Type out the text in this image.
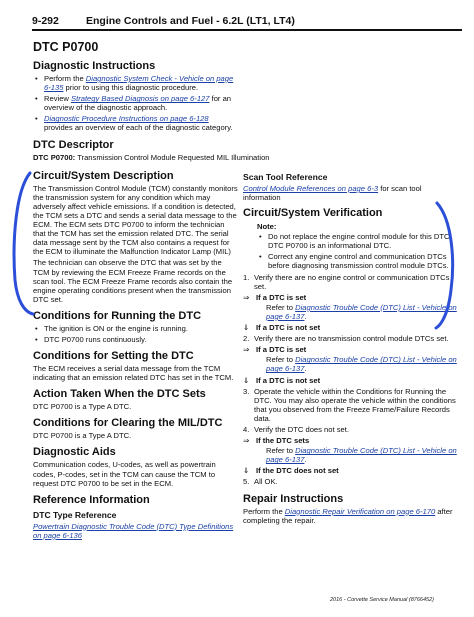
9-292	Engine Controls and Fuel - 6.2L (LT1, LT4)
DTC P0700
Diagnostic Instructions
• Perform the Diagnostic System Check - Vehicle on page 6-135 prior to using this diagnostic procedure.
• Review Strategy Based Diagnosis on page 6-127 for an overview of the diagnostic approach.
• Diagnostic Procedure Instructions on page 6-128 provides an overview of each of the diagnostic category.
DTC Descriptor

DTC P0700: Transmission Control Module Requested MIL Illumination

Circuit/System Description

The Transmission Control Module (TCM) constantly monitors the transmission system for any condition which may adversely affect vehicle emissions. If a condition is detected, the TCM sets a DTC and sends a serial data message to the ECM. The ECM sets DTC P0700 to inform the technician that the TCM has set the emission related DTC. The serial data message sent by the TCM also contains a request for the ECM to illuminate the Malfunction Indicator Lamp (MIL)

The technician can observe the DTC that was set by the TCM by reviewing the ECM Freeze Frame records on the scan tool. The ECM Freeze Frame records also contain the engine operating conditions present when the transmission DTC set.

Conditions for Running the DTC
• The ignition is ON or the engine is running.
• DTC P0700 runs continuously.
Conditions for Setting the DTC

The ECM receives a serial data message from the TCM indicating that an emission related DTC has set in the TCM.

Action Taken When the DTC Sets

DTC P0700 is a Type A DTC.

Conditions for Clearing the MIL/DTC

DTC P0700 is a Type A DTC.

Diagnostic Aids

Communication codes, U-codes, as well as powertrain codes, P-codes, set in the TCM can cause the TCM to request DTC P0700 to be set in the ECM.

Reference Information
DTC Type Reference

Powertrain Diagnostic Trouble Code (DTC) Type Definitions on page 6-136

Scan Tool Reference

Control Module References on page 6-3 for scan tool information

Circuit/System Verification
Note:
• Do not replace the engine control module for this DTC. DTC P0700 is an informational DTC.
• Correct any engine control and communication DTCs before diagnosing transmission control module DTCs.
1. Verify there are no engine control or communication DTCs set.
⇒ If a DTC is set
Refer to Diagnostic Trouble Code (DTC) List - Vehicle on page 6-137.
⇓ If a DTC is not set
2. Verify there are no transmission control module DTCs set.
⇒ If a DTC is set
Refer to Diagnostic Trouble Code (DTC) List - Vehicle on page 6-137.
⇓ If a DTC is not set
3. Operate the vehicle within the Conditions for Running the DTC. You may also operate the vehicle within the conditions that you observed from the Freeze Frame/Failure Records data.
4. Verify the DTC does not set.
⇒ If the DTC sets
Refer to Diagnostic Trouble Code (DTC) List - Vehicle on page 6-137.
⇓ If the DTC does not set
5. All OK.
Repair Instructions

Perform the Diagnostic Repair Verification on page 6-170 after completing the repair.

2016 - Corvette Service Manual (8766452)
